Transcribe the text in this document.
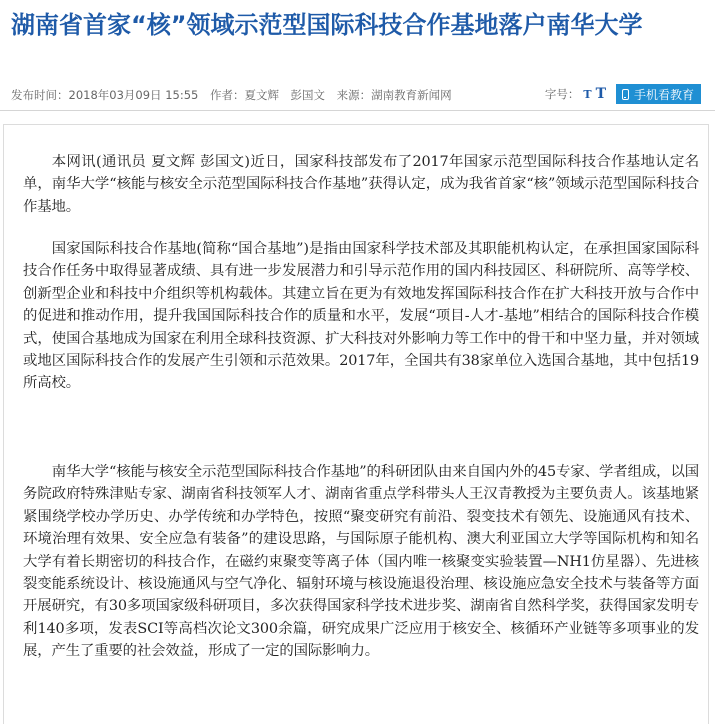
湖南省首家“核”领域示范型国际科技合作基地落户南华大学
发布时间：2018年03月09日 15:55 作者：夏文辉　彭国文 来源：湖南教育新闻网	字号： T T 手机看教育

本网讯(通讯员 夏文辉 彭国文)近日，国家科技部发布了2017年国家示范型国际科技合作基地认定名单，南华大学“核能与核安全示范型国际科技合作基地”获得认定，成为我省首家“核”领域示范型国际科技合作基地。

国家国际科技合作基地(简称“国合基地”)是指由国家科学技术部及其职能机构认定，在承担国家国际科技合作任务中取得显著成绩、具有进一步发展潜力和引导示范作用的国内科技园区、科研院所、高等学校、创新型企业和科技中介组织等机构载体。其建立旨在更为有效地发挥国际科技合作在扩大科技开放与合作中的促进和推动作用，提升我国国际科技合作的质量和水平，发展“项目-人才-基地”相结合的国际科技合作模式，使国合基地成为国家在利用全球科技资源、扩大科技对外影响力等工作中的骨干和中坚力量，并对领域或地区国际科技合作的发展产生引领和示范效果。2017年，全国共有38家单位入选国合基地，其中包括19所高校。

南华大学“核能与核安全示范型国际科技合作基地”的科研团队由来自国内外的45专家、学者组成，以国务院政府特殊津贴专家、湖南省科技领军人才、湖南省重点学科带头人王汉青教授为主要负责人。该基地紧紧围绕学校办学历史、办学传统和办学特色，按照“聚变研究有前沿、裂变技术有领先、设施通风有技术、环境治理有效果、安全应急有装备”的建设思路，与国际原子能机构、澳大利亚国立大学等国际机构和知名大学有着长期密切的科技合作，在磁约束聚变等离子体（国内唯一核聚变实验装置—NH1仿星器）、先进核裂变能系统设计、核设施通风与空气净化、辐射环境与核设施退役治理、核设施应急安全技术与装备等方面开展研究，有30多项国家级科研项目，多次获得国家科学技术进步奖、湖南省自然科学奖，获得国家发明专利140多项，发表SCI等高档次论文300余篇，研究成果广泛应用于核安全、核循环产业链等多项事业的发展，产生了重要的社会效益，形成了一定的国际影响力。
